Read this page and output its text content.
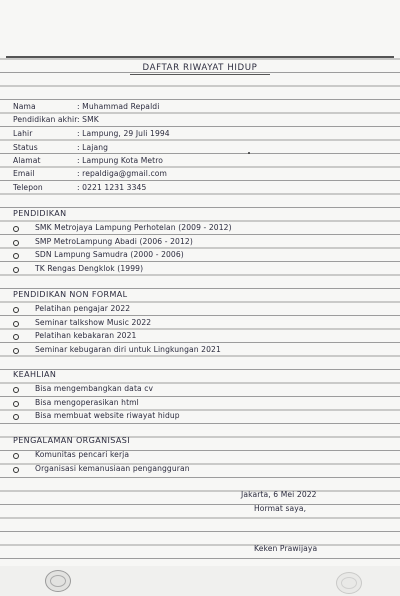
DAFTAR RIWAYAT HIDUP
Nama	: Muhammad Repaldi
Pendidikan akhir : SMK
Lahir	: Lampung, 29 Juli 1994
Status	: Lajang
Alamat	: Lampung Kota Metro
Email	: repaldiga@gmail.com
Telepon	: 0221 1231 3345
PENDIDIKAN
SMK Metrojaya Lampung Perhotelan (2009 - 2012)
SMP MetroLampung Abadi (2006 - 2012)
SDN Lampung Samudra (2000 - 2006)
TK Rengas Dengklok (1999)
PENDIDIKAN NON FORMAL
Pelatihan pengajar 2022
Seminar talkshow Music 2022
Pelatihan kebakaran 2021
Seminar kebugaran diri untuk Lingkungan 2021
KEAHLIAN
Bisa mengembangkan data cv
Bisa mengoperasikan html
Bisa membuat website riwayat hidup
PENGALAMAN ORGANISASI
Komunitas pencari kerja
Organisasi kemanusiaan pengangguran
Jakarta, 6 Mei 2022
Hormat saya,
Keken Prawijaya
